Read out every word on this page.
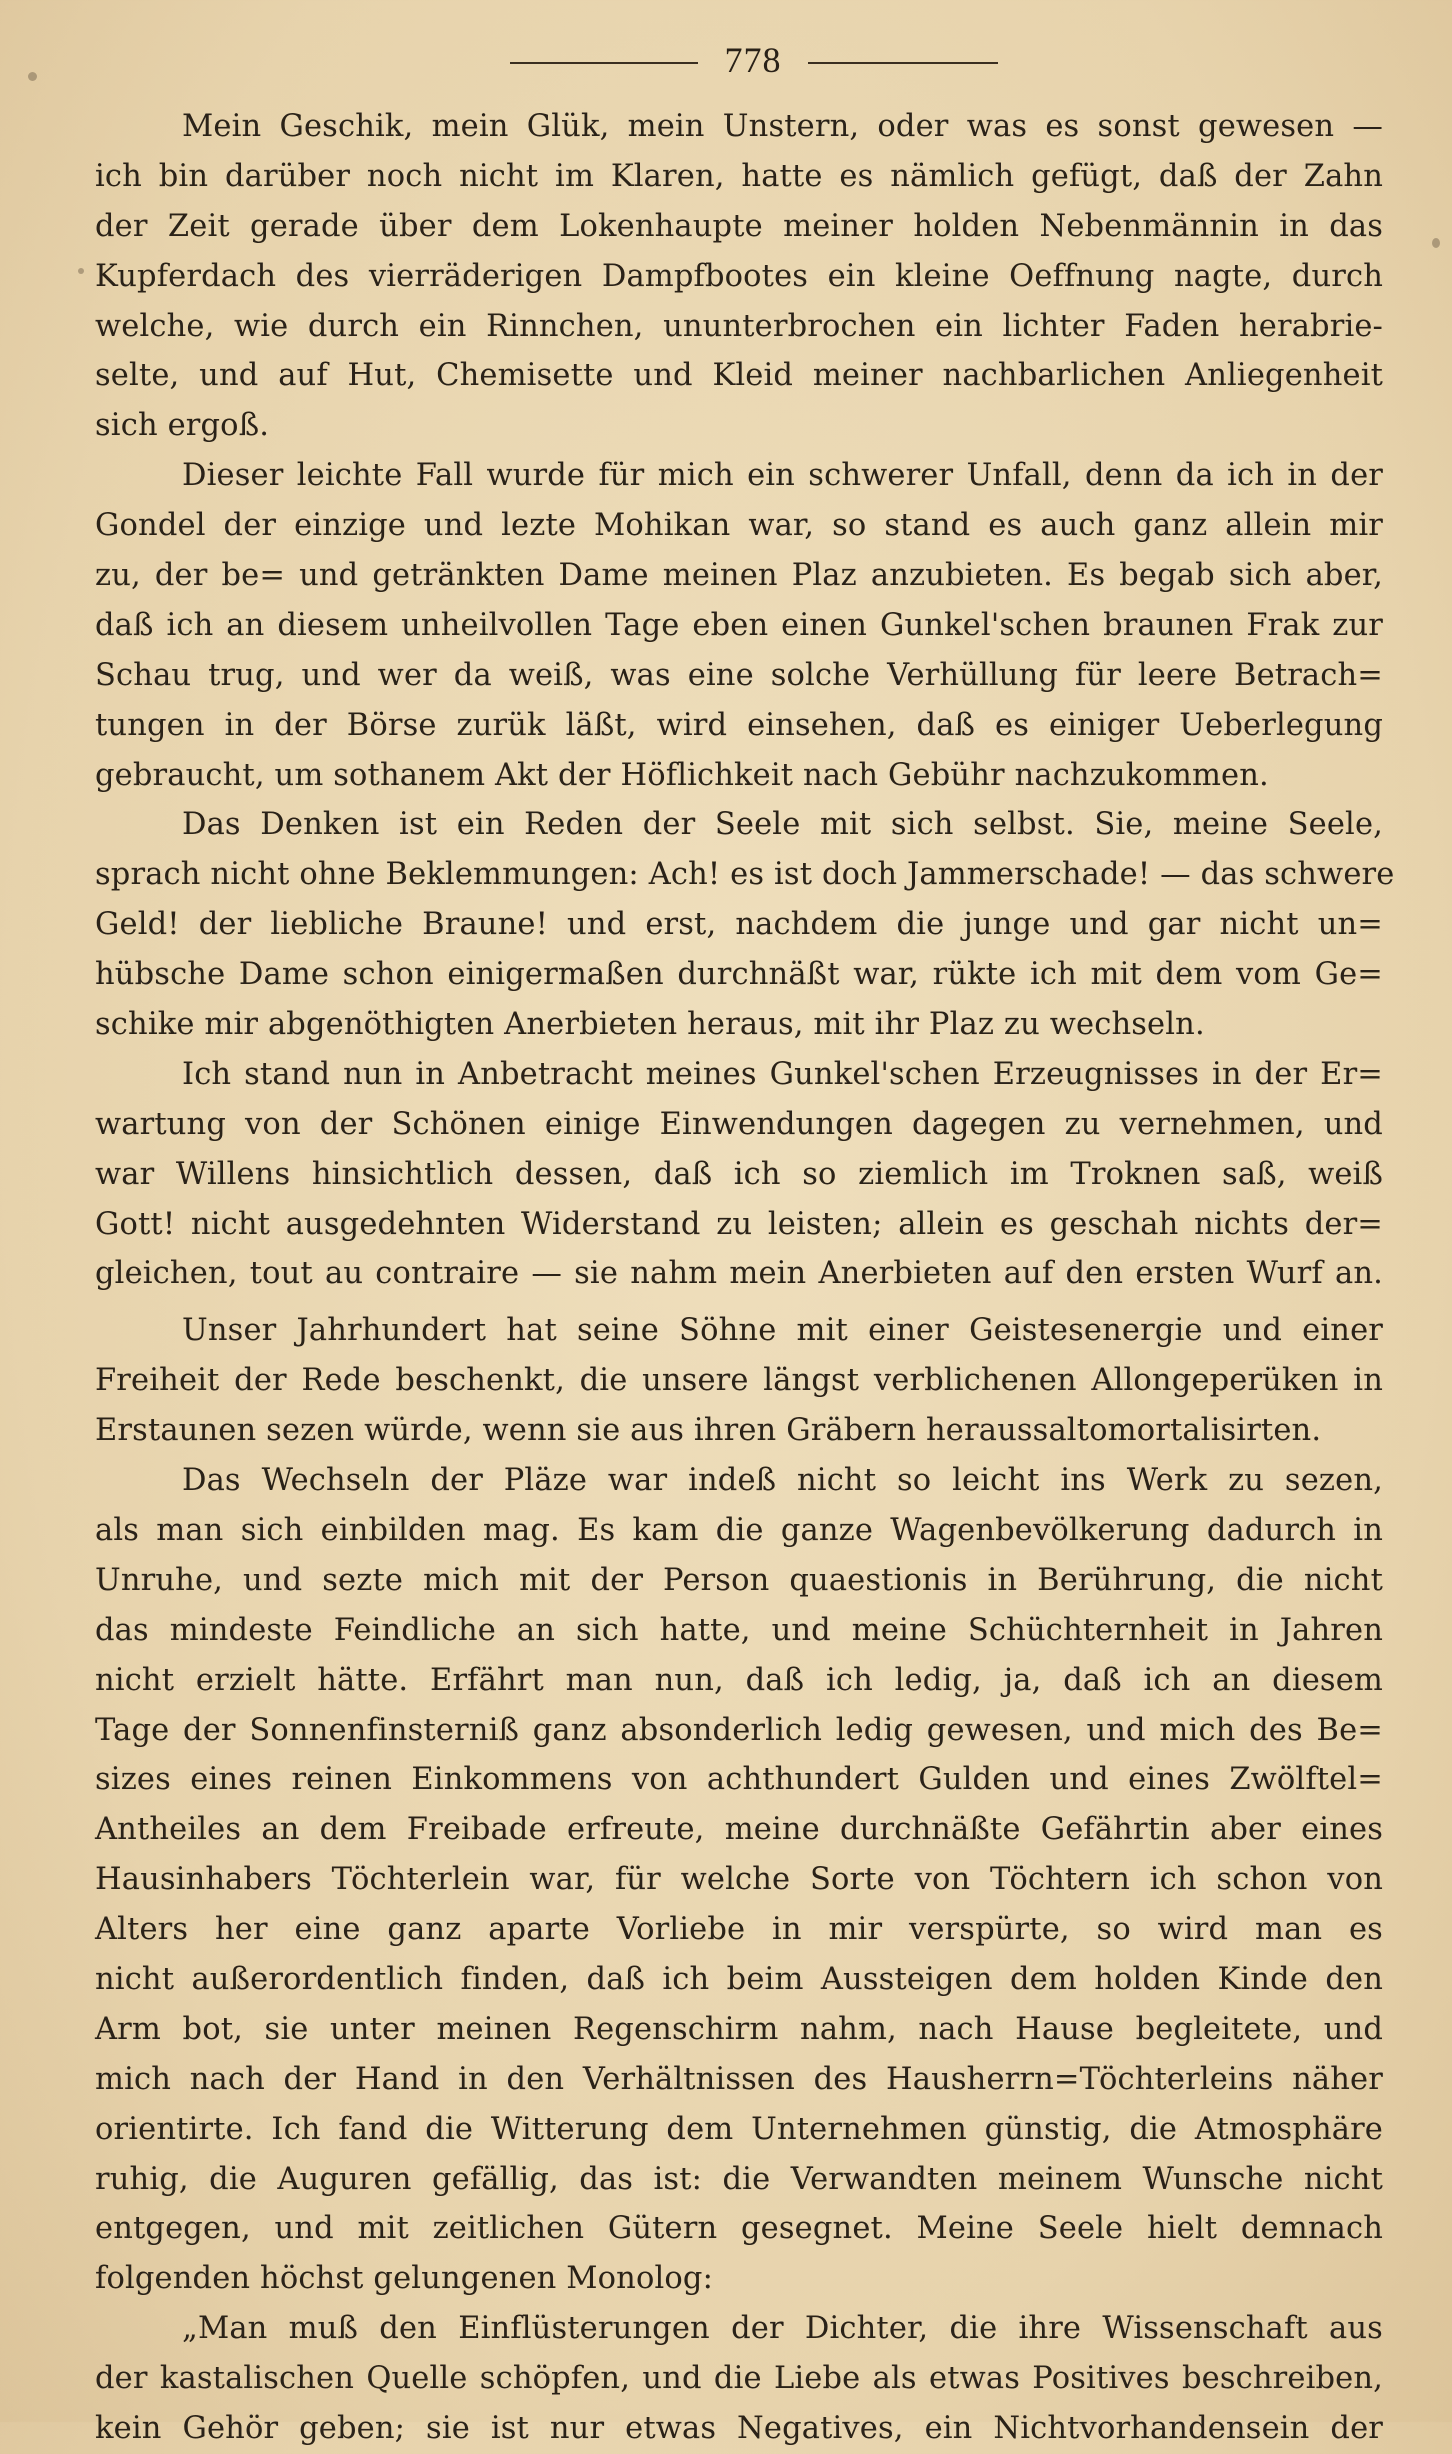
778
Mein Geschik, mein Glük, mein Unstern, oder was es sonst gewesen —
ich bin darüber noch nicht im Klaren, hatte es nämlich gefügt, daß der Zahn
der Zeit gerade über dem Lokenhaupte meiner holden Nebenmännin in das
Kupferdach des vierräderigen Dampfbootes ein kleine Oeffnung nagte, durch
welche, wie durch ein Rinnchen, ununterbrochen ein lichter Faden herabrie-
selte, und auf Hut, Chemisette und Kleid meiner nachbarlichen Anliegenheit
sich ergoß.
Dieser leichte Fall wurde für mich ein schwerer Unfall, denn da ich in der
Gondel der einzige und lezte Mohikan war, so stand es auch ganz allein mir
zu, der be= und getränkten Dame meinen Plaz anzubieten. Es begab sich aber,
daß ich an diesem unheilvollen Tage eben einen Gunkel'schen braunen Frak zur
Schau trug, und wer da weiß, was eine solche Verhüllung für leere Betrach=
tungen in der Börse zurük läßt, wird einsehen, daß es einiger Ueberlegung
gebraucht, um sothanem Akt der Höflichkeit nach Gebühr nachzukommen.
Das Denken ist ein Reden der Seele mit sich selbst. Sie, meine Seele,
sprach nicht ohne Beklemmungen: Ach! es ist doch Jammerschade! — das schwere
Geld! der liebliche Braune! und erst, nachdem die junge und gar nicht un=
hübsche Dame schon einigermaßen durchnäßt war, rükte ich mit dem vom Ge=
schike mir abgenöthigten Anerbieten heraus, mit ihr Plaz zu wechseln.
Ich stand nun in Anbetracht meines Gunkel'schen Erzeugnisses in der Er=
wartung von der Schönen einige Einwendungen dagegen zu vernehmen, und
war Willens hinsichtlich dessen, daß ich so ziemlich im Troknen saß, weiß
Gott! nicht ausgedehnten Widerstand zu leisten; allein es geschah nichts der=
gleichen, tout au contraire — sie nahm mein Anerbieten auf den ersten Wurf an.
Unser Jahrhundert hat seine Söhne mit einer Geistesenergie und einer
Freiheit der Rede beschenkt, die unsere längst verblichenen Allongeperüken in
Erstaunen sezen würde, wenn sie aus ihren Gräbern heraussaltomortalisirten.
Das Wechseln der Pläze war indeß nicht so leicht ins Werk zu sezen,
als man sich einbilden mag. Es kam die ganze Wagenbevölkerung dadurch in
Unruhe, und sezte mich mit der Person quaestionis in Berührung, die nicht
das mindeste Feindliche an sich hatte, und meine Schüchternheit in Jahren
nicht erzielt hätte. Erfährt man nun, daß ich ledig, ja, daß ich an diesem
Tage der Sonnenfinsterniß ganz absonderlich ledig gewesen, und mich des Be=
sizes eines reinen Einkommens von achthundert Gulden und eines Zwölftel=
Antheiles an dem Freibade erfreute, meine durchnäßte Gefährtin aber eines
Hausinhabers Töchterlein war, für welche Sorte von Töchtern ich schon von
Alters her eine ganz aparte Vorliebe in mir verspürte, so wird man es
nicht außerordentlich finden, daß ich beim Aussteigen dem holden Kinde den
Arm bot, sie unter meinen Regenschirm nahm, nach Hause begleitete, und
mich nach der Hand in den Verhältnissen des Hausherrn=Töchterleins näher
orientirte. Ich fand die Witterung dem Unternehmen günstig, die Atmosphäre
ruhig, die Auguren gefällig, das ist: die Verwandten meinem Wunsche nicht
entgegen, und mit zeitlichen Gütern gesegnet. Meine Seele hielt demnach
folgenden höchst gelungenen Monolog:
„Man muß den Einflüsterungen der Dichter, die ihre Wissenschaft aus
der kastalischen Quelle schöpfen, und die Liebe als etwas Positives beschreiben,
kein Gehör geben; sie ist nur etwas Negatives, ein Nichtvorhandensein der
